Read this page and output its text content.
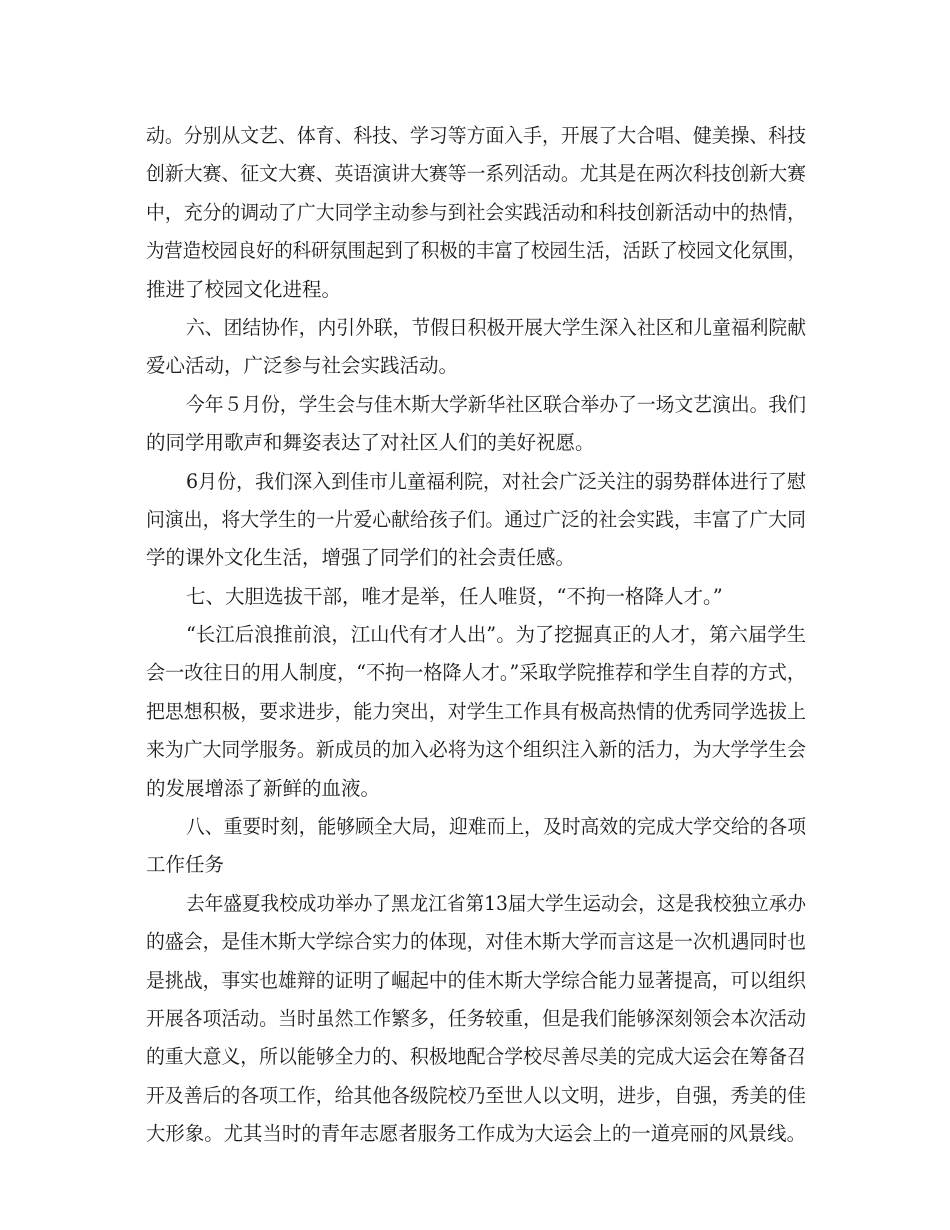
动。分别从文艺、体育、科技、学习等方面入手，开展了大合唱、健美操、科技
创新大赛、征文大赛、英语演讲大赛等一系列活动。尤其是在两次科技创新大赛
中，充分的调动了广大同学主动参与到社会实践活动和科技创新活动中的热情，
为营造校园良好的科研氛围起到了积极的丰富了校园生活，活跃了校园文化氛围，
推进了校园文化进程。
六、团结协作，内引外联，节假日积极开展大学生深入社区和儿童福利院献
爱心活动，广泛参与社会实践活动。
今年５月份，学生会与佳木斯大学新华社区联合举办了一场文艺演出。我们
的同学用歌声和舞姿表达了对社区人们的美好祝愿。
6月份，我们深入到佳市儿童福利院，对社会广泛关注的弱势群体进行了慰
问演出，将大学生的一片爱心献给孩子们。通过广泛的社会实践，丰富了广大同
学的课外文化生活，增强了同学们的社会责任感。
七、大胆选拔干部，唯才是举，任人唯贤，“不拘一格降人才。”
“长江后浪推前浪，江山代有才人出”。为了挖掘真正的人才，第六届学生
会一改往日的用人制度，“不拘一格降人才。”采取学院推荐和学生自荐的方式，
把思想积极，要求进步，能力突出，对学生工作具有极高热情的优秀同学选拔上
来为广大同学服务。新成员的加入必将为这个组织注入新的活力，为大学学生会
的发展增添了新鲜的血液。
八、重要时刻，能够顾全大局，迎难而上，及时高效的完成大学交给的各项
工作任务
去年盛夏我校成功举办了黑龙江省第13届大学生运动会，这是我校独立承办
的盛会，是佳木斯大学综合实力的体现，对佳木斯大学而言这是一次机遇同时也
是挑战，事实也雄辩的证明了崛起中的佳木斯大学综合能力显著提高，可以组织
开展各项活动。当时虽然工作繁多，任务较重，但是我们能够深刻领会本次活动
的重大意义，所以能够全力的、积极地配合学校尽善尽美的完成大运会在筹备召
开及善后的各项工作，给其他各级院校乃至世人以文明，进步，自强，秀美的佳
大形象。尤其当时的青年志愿者服务工作成为大运会上的一道亮丽的风景线。
